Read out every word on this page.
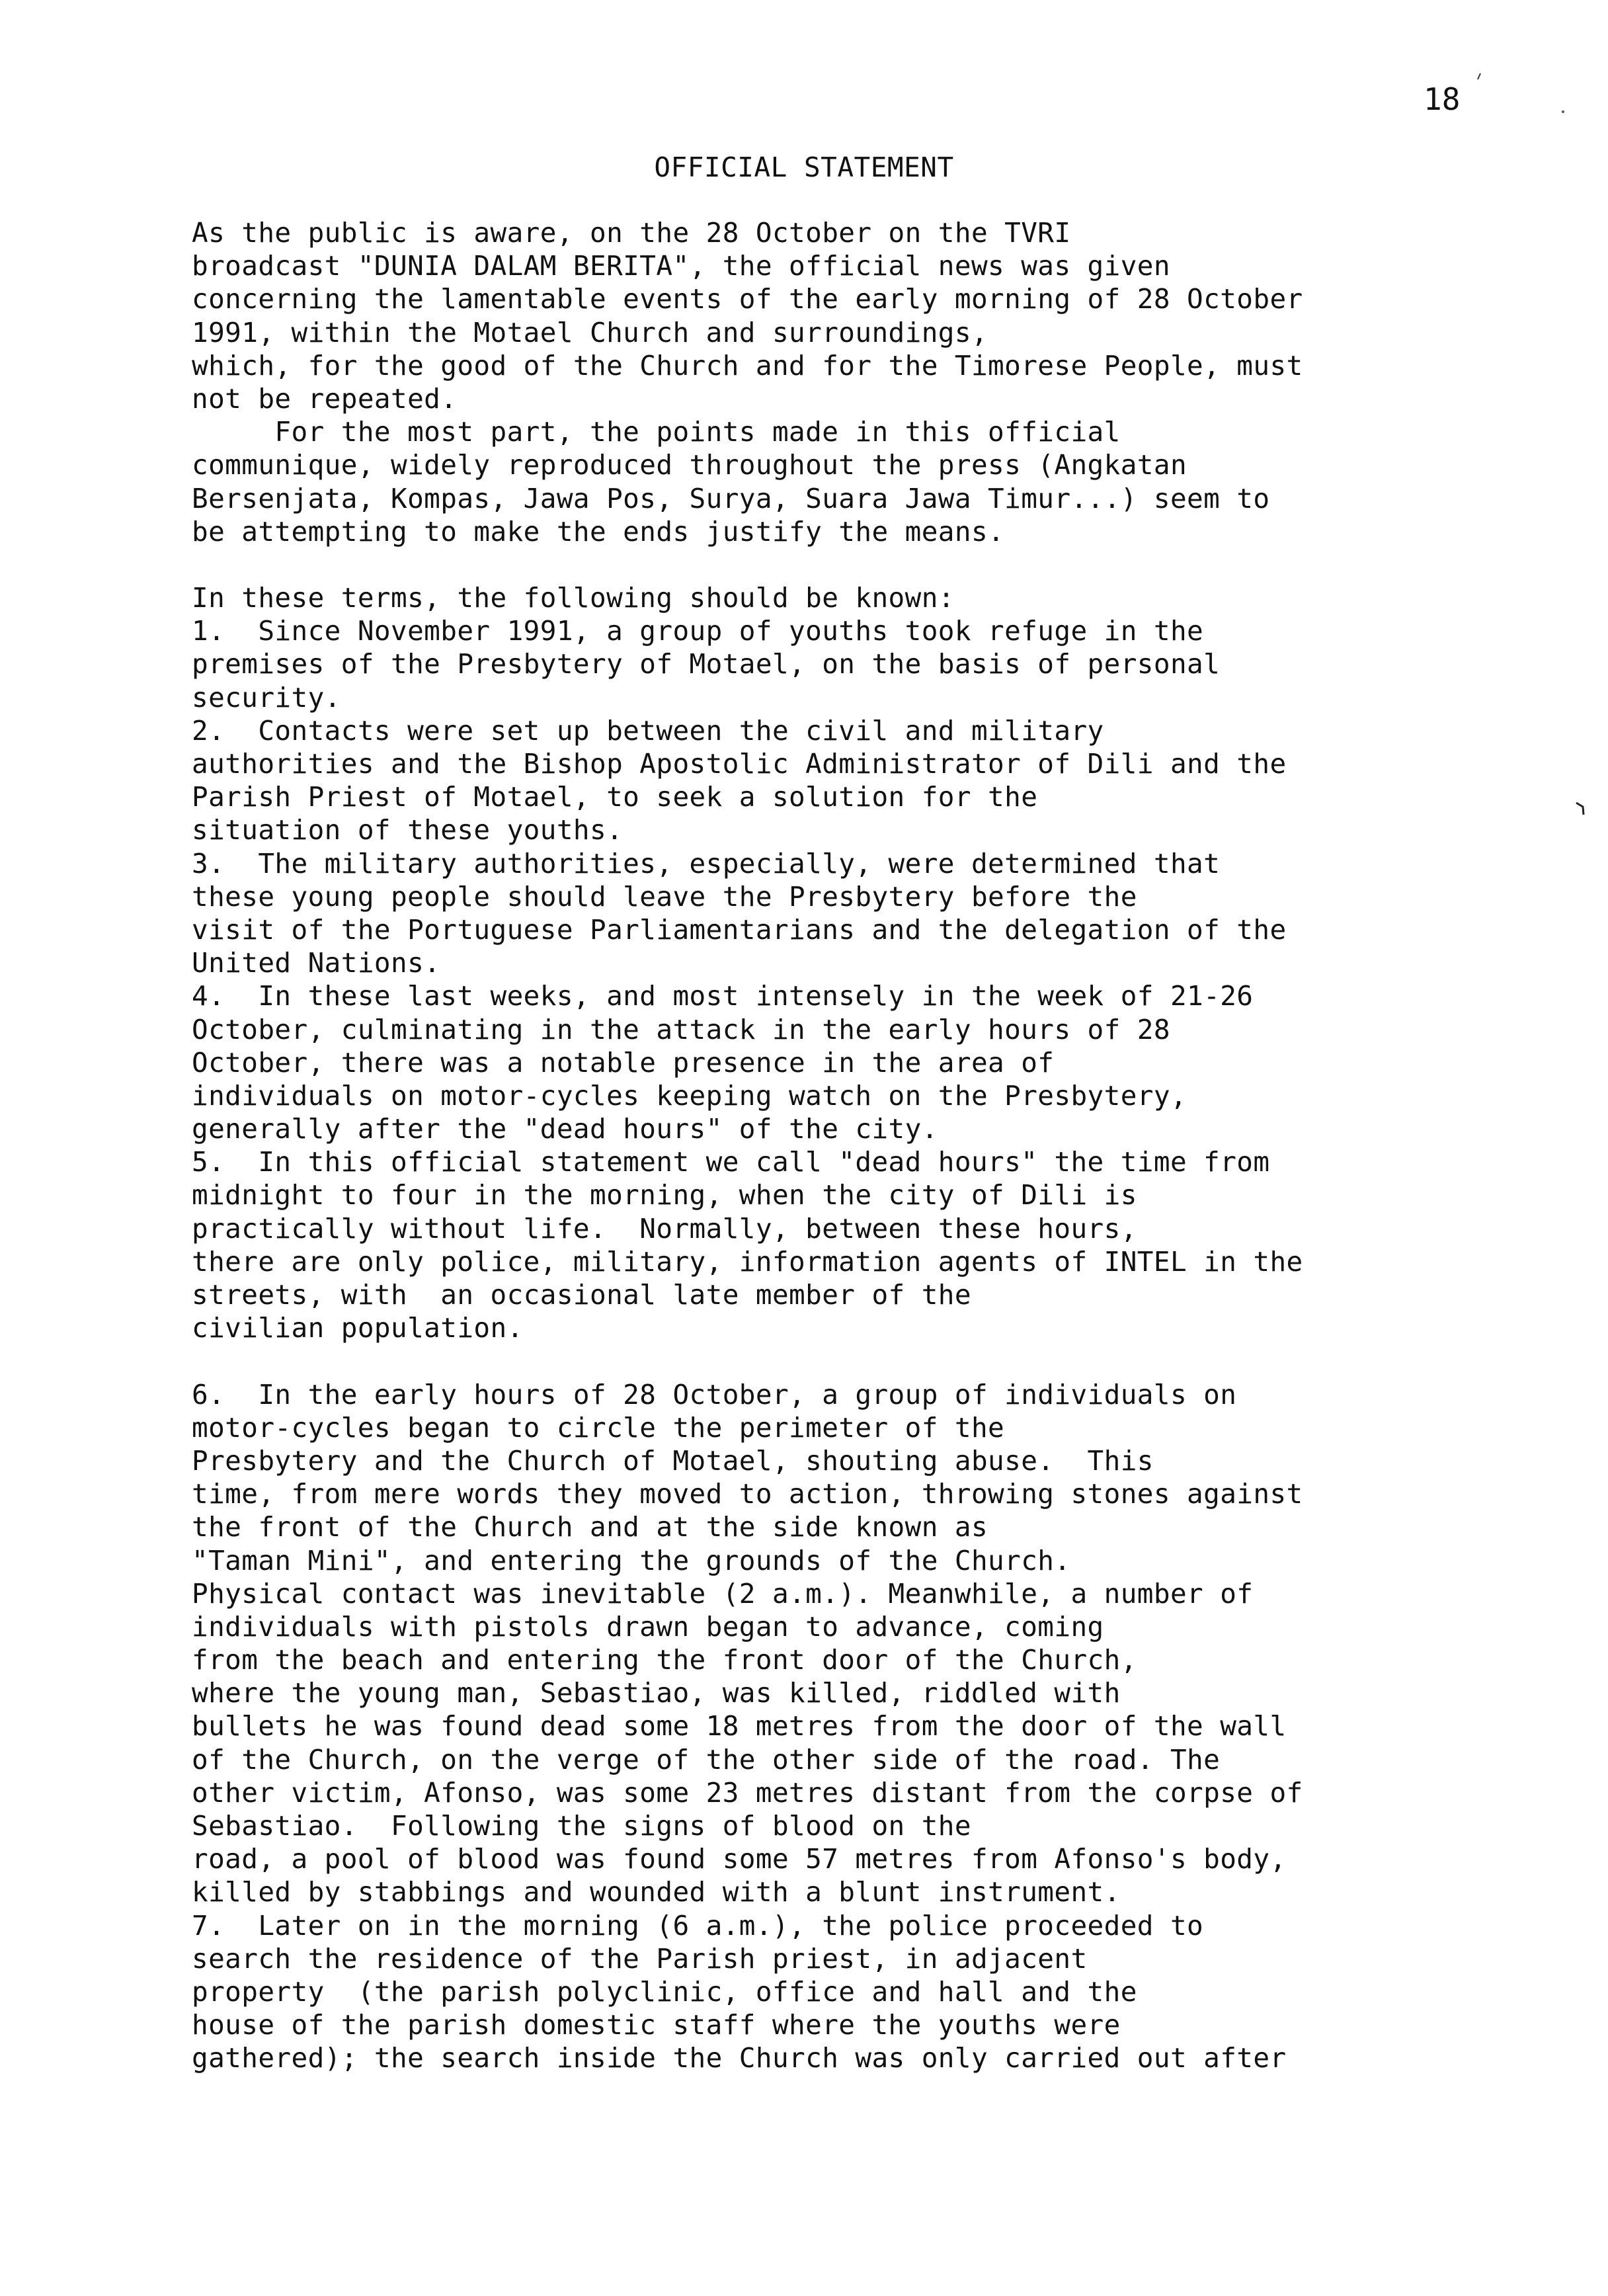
18
OFFICIAL STATEMENT
As the public is aware, on the 28 October on the TVRI
broadcast "DUNIA DALAM BERITA", the official news was given
concerning the lamentable events of the early morning of 28 October
1991, within the Motael Church and surroundings,
which, for the good of the Church and for the Timorese People, must
not be repeated.
For the most part, the points made in this official
communique, widely reproduced throughout the press (Angkatan
Bersenjata, Kompas, Jawa Pos, Surya, Suara Jawa Timur...) seem to
be attempting to make the ends justify the means.
In these terms, the following should be known:
1.  Since November 1991, a group of youths took refuge in the
premises of the Presbytery of Motael, on the basis of personal
security.
2.  Contacts were set up between the civil and military
authorities and the Bishop Apostolic Administrator of Dili and the
Parish Priest of Motael, to seek a solution for the
situation of these youths.
3.  The military authorities, especially, were determined that
these young people should leave the Presbytery before the
visit of the Portuguese Parliamentarians and the delegation of the
United Nations.
4.  In these last weeks, and most intensely in the week of 21-26
October, culminating in the attack in the early hours of 28
October, there was a notable presence in the area of
individuals on motor-cycles keeping watch on the Presbytery,
generally after the "dead hours" of the city.
5.  In this official statement we call "dead hours" the time from
midnight to four in the morning, when the city of Dili is
practically without life.  Normally, between these hours,
there are only police, military, information agents of INTEL in the
streets, with  an occasional late member of the
civilian population.
6.  In the early hours of 28 October, a group of individuals on
motor-cycles began to circle the perimeter of the
Presbytery and the Church of Motael, shouting abuse.  This
time, from mere words they moved to action, throwing stones against
the front of the Church and at the side known as
"Taman Mini", and entering the grounds of the Church.
Physical contact was inevitable (2 a.m.). Meanwhile, a number of
individuals with pistols drawn began to advance, coming
from the beach and entering the front door of the Church,
where the young man, Sebastiao, was killed, riddled with
bullets he was found dead some 18 metres from the door of the wall
of the Church, on the verge of the other side of the road. The
other victim, Afonso, was some 23 metres distant from the corpse of
Sebastiao.  Following the signs of blood on the
road, a pool of blood was found some 57 metres from Afonso's body,
killed by stabbings and wounded with a blunt instrument.
7.  Later on in the morning (6 a.m.), the police proceeded to
search the residence of the Parish priest, in adjacent
property  (the parish polyclinic, office and hall and the
house of the parish domestic staff where the youths were
gathered); the search inside the Church was only carried out after
